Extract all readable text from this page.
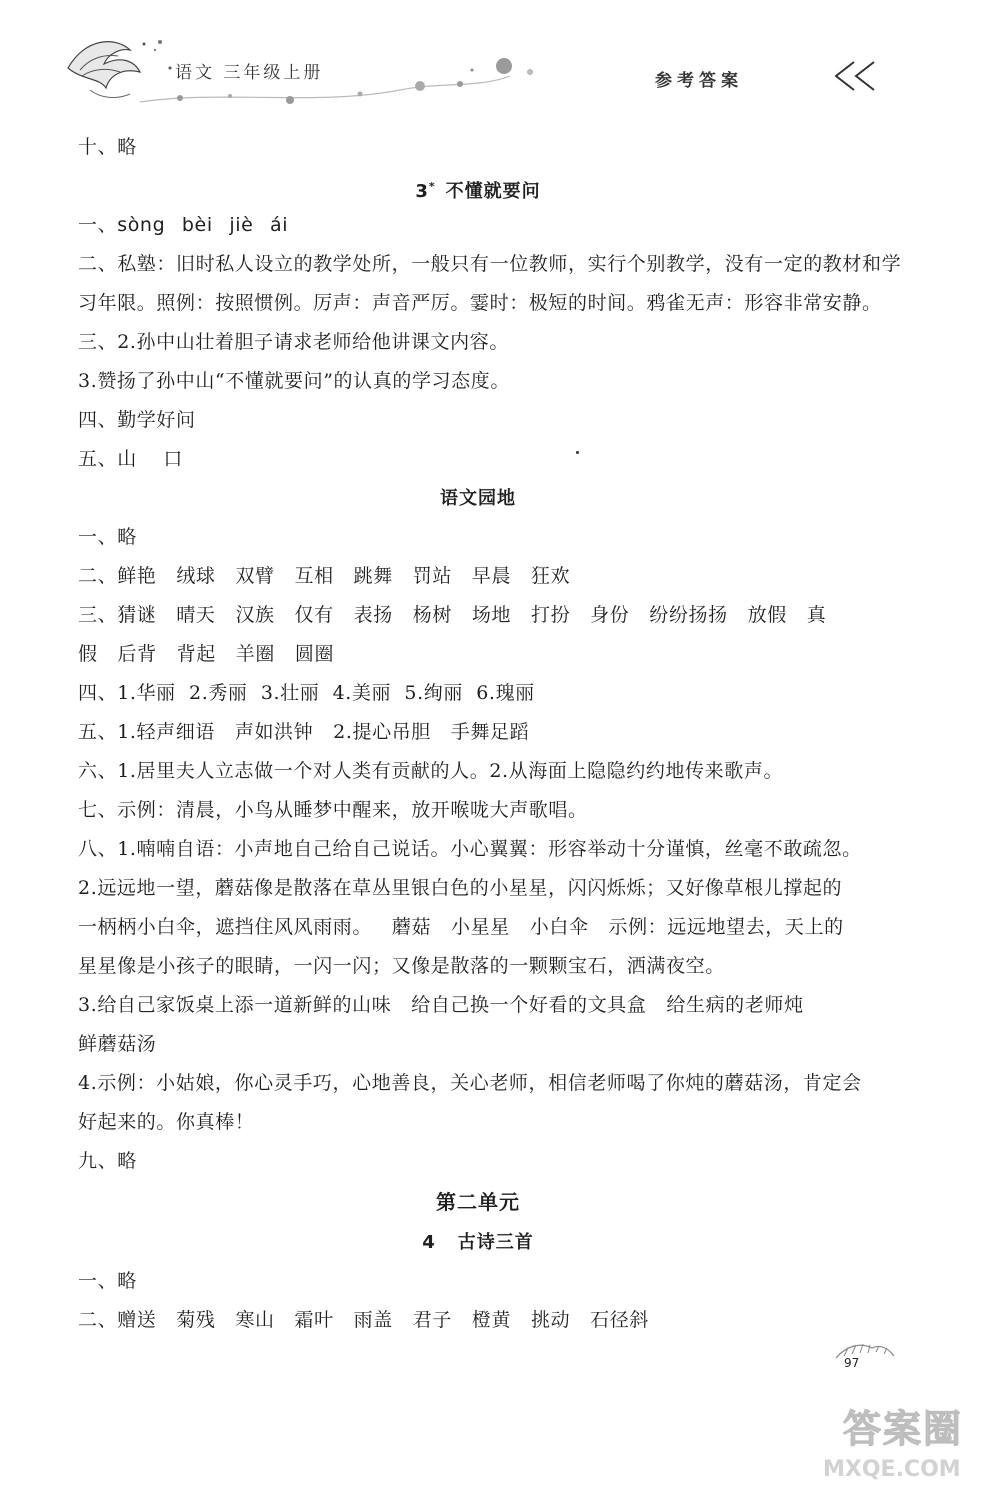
语文 三年级上册	参考答案
十、略
3* 不懂就要问
一、sòng bèi jiè ái
二、私塾：旧时私人设立的教学处所，一般只有一位教师，实行个别教学，没有一定的教材和学
习年限。照例：按照惯例。厉声：声音严厉。霎时：极短的时间。鸦雀无声：形容非常安静。
三、2.孙中山壮着胆子请求老师给他讲课文内容。
3.赞扬了孙中山“不懂就要问”的认真的学习态度。
四、勤学好问
五、山    口
语文园地
一、略
二、鲜艳   绒球   双臂   互相   跳舞   罚站   早晨   狂欢
三、猜谜   晴天   汉族   仅有   表扬   杨树   场地   打扮   身份   纷纷扬扬   放假   真
假   后背   背起   羊圈   圆圈
四、1.华丽  2.秀丽  3.壮丽  4.美丽  5.绚丽  6.瑰丽
五、1.轻声细语   声如洪钟   2.提心吊胆   手舞足蹈
六、1.居里夫人立志做一个对人类有贡献的人。2.从海面上隐隐约约地传来歌声。
七、示例：清晨，小鸟从睡梦中醒来，放开喉咙大声歌唱。
八、1.喃喃自语：小声地自己给自己说话。小心翼翼：形容举动十分谨慎，丝毫不敢疏忽。
2.远远地一望，蘑菇像是散落在草丛里银白色的小星星，闪闪烁烁；又好像草根儿撑起的
一柄柄小白伞，遮挡住风风雨雨。   蘑菇   小星星   小白伞   示例：远远地望去，天上的
星星像是小孩子的眼睛，一闪一闪；又像是散落的一颗颗宝石，洒满夜空。
3.给自己家饭桌上添一道新鲜的山味   给自己换一个好看的文具盒   给生病的老师炖
鲜蘑菇汤
4.示例：小姑娘，你心灵手巧，心地善良，关心老师，相信老师喝了你炖的蘑菇汤，肯定会
好起来的。你真棒！
九、略
第二单元
4 古诗三首
一、略
二、赠送   菊残   寒山   霜叶   雨盖   君子   橙黄   挑动   石径斜
97
答案圈
MXQE.COM
